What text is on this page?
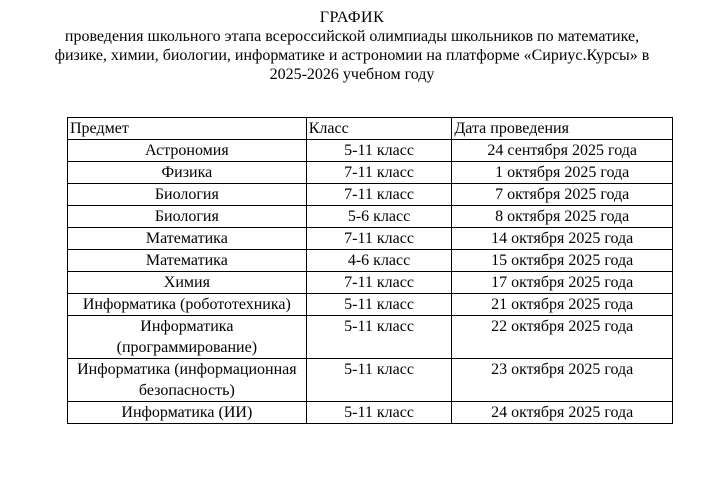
ГРАФИК
проведения школьного этапа всероссийской олимпиады школьников по математике, физике, химии, биологии, информатике и астрономии на платформе «Сириус.Курсы» в 2025-2026 учебном году
Предмет	Класс	Дата проведения
Астрономия	5-11 класс	24 сентября 2025 года
Физика	7-11 класс	1 октября 2025 года
Биология	7-11 класс	7 октября 2025 года
Биология	5-6 класс	8 октября 2025 года
Математика	7-11 класс	14 октября 2025 года
Математика	4-6 класс	15 октября 2025 года
Химия	7-11 класс	17 октября 2025 года
Информатика (робототехника)	5-11 класс	21 октября 2025 года
Информатика (программирование)	5-11 класс	22 октября 2025 года
Информатика (информационная безопасность)	5-11 класс	23 октября 2025 года
Информатика (ИИ)	5-11 класс	24 октября 2025 года
